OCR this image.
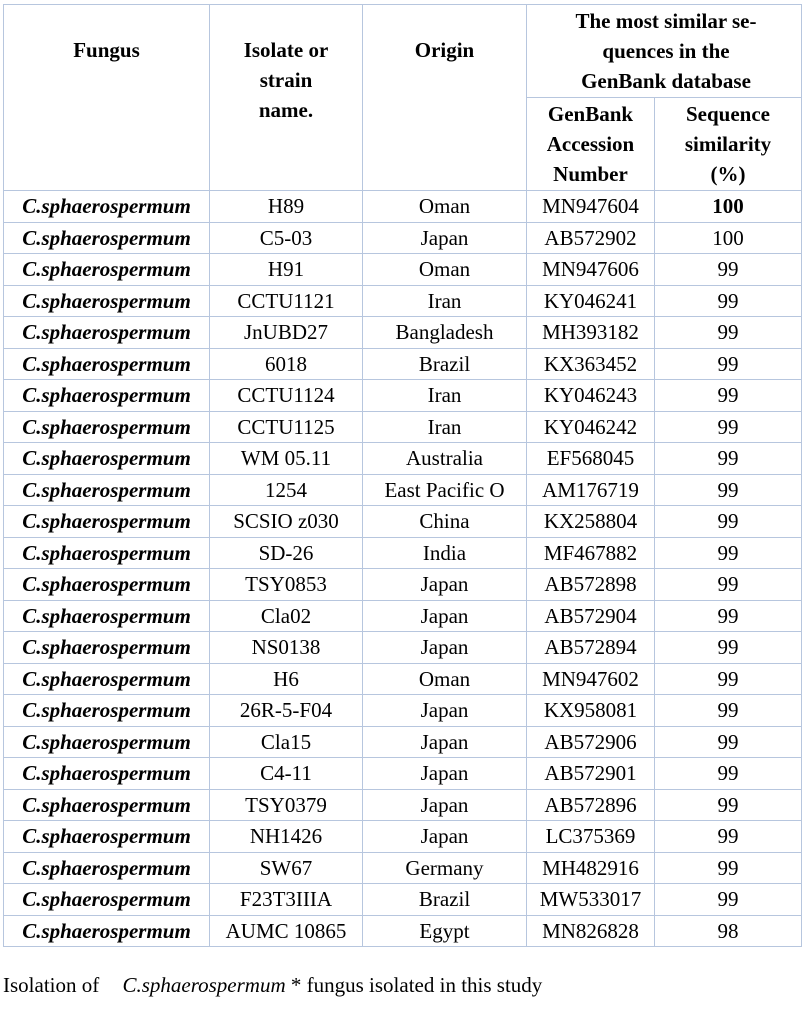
Fungus	Isolate or strain name.	Origin	The most similar se-quences in the GenBank database	
			GenBank Accession Number	Sequence similarity (%)
C.sphaerospermum	H89	Oman	MN947604	100
C.sphaerospermum	C5-03	Japan	AB572902	100
C.sphaerospermum	H91	Oman	MN947606	99
C.sphaerospermum	CCTU1121	Iran	KY046241	99
C.sphaerospermum	JnUBD27	Bangladesh	MH393182	99
C.sphaerospermum	6018	Brazil	KX363452	99
C.sphaerospermum	CCTU1124	Iran	KY046243	99
C.sphaerospermum	CCTU1125	Iran	KY046242	99
C.sphaerospermum	WM 05.11	Australia	EF568045	99
C.sphaerospermum	1254	East Pacific O	AM176719	99
C.sphaerospermum	SCSIO z030	China	KX258804	99
C.sphaerospermum	SD-26	India	MF467882	99
C.sphaerospermum	TSY0853	Japan	AB572898	99
C.sphaerospermum	Cla02	Japan	AB572904	99
C.sphaerospermum	NS0138	Japan	AB572894	99
C.sphaerospermum	H6	Oman	MN947602	99
C.sphaerospermum	26R-5-F04	Japan	KX958081	99
C.sphaerospermum	Cla15	Japan	AB572906	99
C.sphaerospermum	C4-11	Japan	AB572901	99
C.sphaerospermum	TSY0379	Japan	AB572896	99
C.sphaerospermum	NH1426	Japan	LC375369	99
C.sphaerospermum	SW67	Germany	MH482916	99
C.sphaerospermum	F23T3IIIA	Brazil	MW533017	99
C.sphaerospermum	AUMC 10865	Egypt	MN826828	98
Isolation of C.sphaerospermum * fungus isolated in this study
